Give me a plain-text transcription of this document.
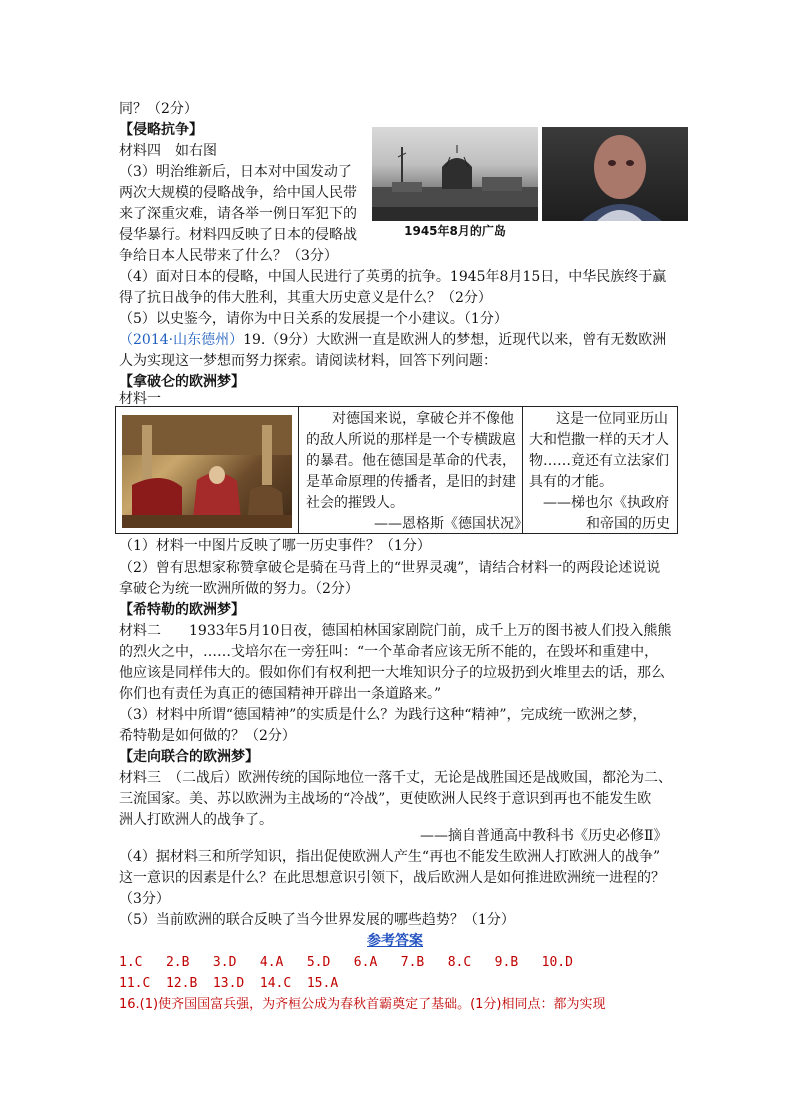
同？（2分）
【侵略抗争】
材料四　如右图
（3）明治维新后，日本对中国发动了
两次大规模的侵略战争，给中国人民带
来了深重灾难，请各举一例日军犯下的
侵华暴行。材料四反映了日本的侵略战
争给日本人民带来了什么？（3分）
1945年8月的广岛
（4）面对日本的侵略，中国人民进行了英勇的抗争。1945年8月15日，中华民族终于赢
得了抗日战争的伟大胜利，其重大历史意义是什么？（2分）
（5）以史鉴今，请你为中日关系的发展提一个小建议。（1分）
（2014·山东德州）19.（9分）大欧洲一直是欧洲人的梦想，近现代以来，曾有无数欧洲
人为实现这一梦想而努力探索。请阅读材料，回答下列问题：
【拿破仑的欧洲梦】
材料一
对德国来说，拿破仑并不像他
的敌人所说的那样是一个专横跋扈
的暴君。他在德国是革命的代表，
是革命原理的传播者，是旧的封建
社会的摧毁人。
——恩格斯《德国状况》
这是一位同亚历山
大和恺撒一样的天才人
物……竟还有立法家们
具有的才能。
——梯也尔《执政府
和帝国的历史
（1）材料一中图片反映了哪一历史事件？（1分）
（2）曾有思想家称赞拿破仑是骑在马背上的“世界灵魂”，请结合材料一的两段论述说说
拿破仑为统一欧洲所做的努力。（2分）
【希特勒的欧洲梦】
材料二　　1933年5月10日夜，德国柏林国家剧院门前，成千上万的图书被人们投入熊熊
的烈火之中，……戈培尔在一旁狂叫：“一个革命者应该无所不能的，在毁坏和重建中，
他应该是同样伟大的。假如你们有权利把一大堆知识分子的垃圾扔到火堆里去的话，那么
你们也有责任为真正的德国精神开辟出一条道路来。”
（3）材料中所谓“德国精神”的实质是什么？为践行这种“精神”，完成统一欧洲之梦，
希特勒是如何做的？（2分）
【走向联合的欧洲梦】
材料三　（二战后）欧洲传统的国际地位一落千丈，无论是战胜国还是战败国，都沦为二、
三流国家。美、苏以欧洲为主战场的“冷战”，更使欧洲人民终于意识到再也不能发生欧
洲人打欧洲人的战争了。
——摘自普通高中教科书《历史必修Ⅱ》
（4）据材料三和所学知识，指出促使欧洲人产生“再也不能发生欧洲人打欧洲人的战争”
这一意识的因素是什么？在此思想意识引领下，战后欧洲人是如何推进欧洲统一进程的？
（3分）
（5）当前欧洲的联合反映了当今世界发展的哪些趋势？（1分）
参考答案
1.C   2.B   3.D   4.A   5.D   6.A   7.B   8.C   9.B   10.D
11.C  12.B  13.D  14.C  15.A
16.(1)使齐国国富兵强，为齐桓公成为春秋首霸奠定了基础。(1分)相同点：都为实现
